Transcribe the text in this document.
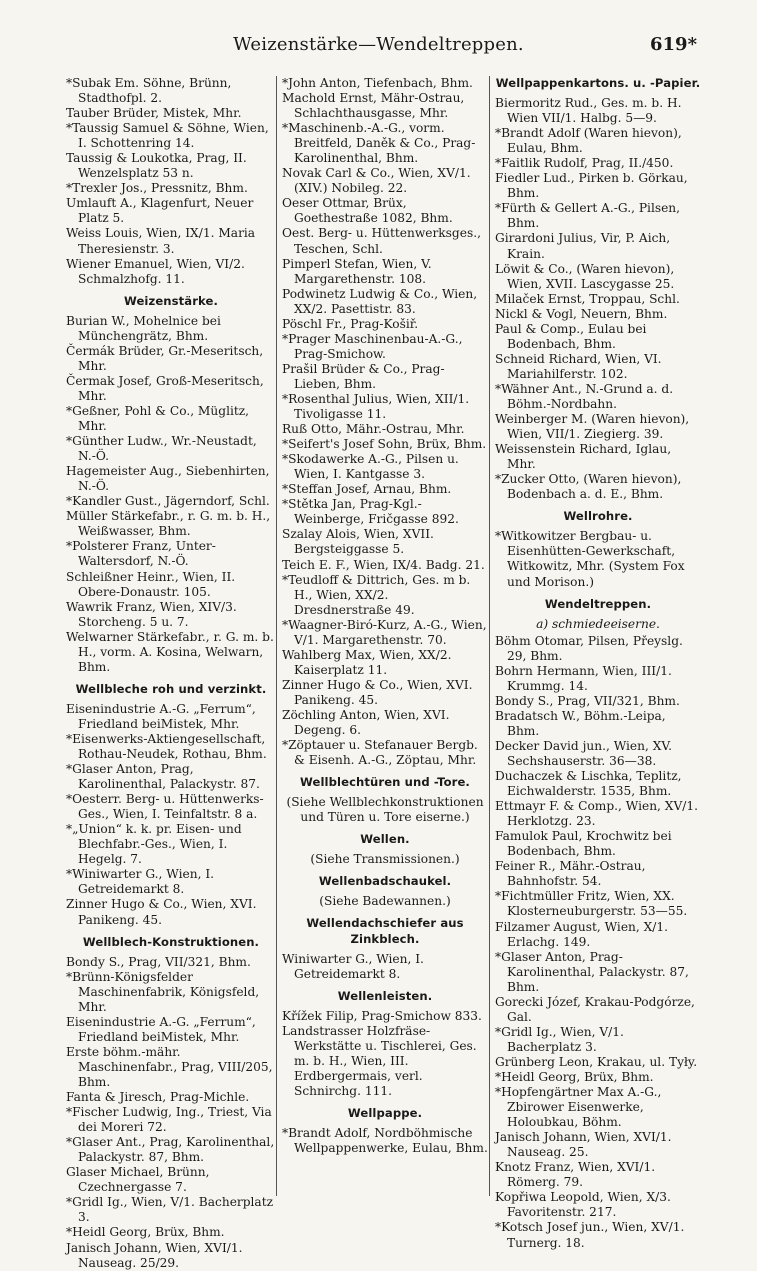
Weizenstärke—Wendeltreppen.	619*
*Subak Em. Söhne, Brünn, Stadthofpl. 2.
Tauber Brüder, Mistek, Mhr.
*Taussig Samuel & Söhne, Wien, I. Schottenring 14.
Taussig & Loukotka, Prag, II. Wenzelsplatz 53 n.
*Trexler Jos., Pressnitz, Bhm.
Umlauft A., Klagenfurt, Neuer Platz 5.
Weiss Louis, Wien, IX/1. Maria Theresienstr. 3.
Wiener Emanuel, Wien, VI/2. Schmalzhofg. 11.
Weizenstärke.
Burian W., Mohelnice bei Münchengrätz, Bhm.
Čermák Brüder, Gr.-Meseritsch, Mhr.
Čermak Josef, Groß-Meseritsch, Mhr.
*Geßner, Pohl & Co., Müglitz, Mhr.
*Günther Ludw., Wr.-Neustadt, N.-Ö.
Hagemeister Aug., Siebenhirten, N.-Ö.
*Kandler Gust., Jägerndorf, Schl.
Müller Stärkefabr., r. G. m. b. H., Weißwasser, Bhm.
*Polsterer Franz, Unter-Waltersdorf, N.-Ö.
Schleißner Heinr., Wien, II. Obere-Donaustr. 105.
Wawrik Franz, Wien, XIV/3. Storcheng. 5 u. 7.
Welwarner Stärkefabr., r. G. m. b. H., vorm. A. Kosina, Welwarn, Bhm.
Wellbleche roh und verzinkt.
Eisenindustrie A.-G. „Ferrum“, Friedland beiMistek, Mhr.
*Eisenwerks-Aktiengesellschaft, Rothau-Neudek, Rothau, Bhm.
*Glaser Anton, Prag, Karolinenthal, Palackystr. 87.
*Oesterr. Berg- u. Hüttenwerks-Ges., Wien, I. Teinfaltstr. 8 a.
*„Union“ k. k. pr. Eisen- und Blechfabr.-Ges., Wien, I. Hegelg. 7.
*Winiwarter G., Wien, I. Getreidemarkt 8.
Zinner Hugo & Co., Wien, XVI. Panikeng. 45.
Wellblech-Konstruktionen.
Bondy S., Prag, VII/321, Bhm.
*Brünn-Königsfelder Maschinenfabrik, Königsfeld, Mhr.
Eisenindustrie A.-G. „Ferrum“, Friedland beiMistek, Mhr.
Erste böhm.-mähr. Maschinenfabr., Prag, VIII/205, Bhm.
Fanta & Jiresch, Prag-Michle.
*Fischer Ludwig, Ing., Triest, Via dei Moreri 72.
*Glaser Ant., Prag, Karolinenthal, Palackystr. 87, Bhm.
Glaser Michael, Brünn, Czechnergasse 7.
*Gridl Ig., Wien, V/1. Bacherplatz 3.
*Heidl Georg, Brüx, Bhm.
Janisch Johann, Wien, XVI/1. Nauseag. 25/29.
*John Anton, Tiefenbach, Bhm.
Machold Ernst, Mähr-Ostrau, Schlachthausgasse, Mhr.
*Maschinenb.-A.-G., vorm. Breitfeld, Daněk & Co., Prag-Karolinenthal, Bhm.
Novak Carl & Co., Wien, XV/1. (XIV.) Nobileg. 22.
Oeser Ottmar, Brüx, Goethestraße 1082, Bhm.
Oest. Berg- u. Hüttenwerksges., Teschen, Schl.
Pimperl Stefan, Wien, V. Margarethenstr. 108.
Podwinetz Ludwig & Co., Wien, XX/2. Pasettistr. 83.
Pöschl Fr., Prag-Košiř.
*Prager Maschinenbau-A.-G., Prag-Smichow.
Prašil Brüder & Co., Prag-Lieben, Bhm.
*Rosenthal Julius, Wien, XII/1. Tivoligasse 11.
Ruß Otto, Mähr.-Ostrau, Mhr.
*Seifert's Josef Sohn, Brüx, Bhm.
*Skodawerke A.-G., Pilsen u. Wien, I. Kantgasse 3.
*Steffan Josef, Arnau, Bhm.
*Stětka Jan, Prag-Kgl.-Weinberge, Fričgasse 892.
Szalay Alois, Wien, XVII. Bergsteiggasse 5.
Teich E. F., Wien, IX/4. Badg. 21.
*Teudloff & Dittrich, Ges. m b. H., Wien, XX/2. Dresdnerstraße 49.
*Waagner-Biró-Kurz, A.-G., Wien, V/1. Margarethenstr. 70.
Wahlberg Max, Wien, XX/2. Kaiserplatz 11.
Zinner Hugo & Co., Wien, XVI. Panikeng. 45.
Zöchling Anton, Wien, XVI. Degeng. 6.
*Zöptauer u. Stefanauer Bergb. & Eisenh. A.-G., Zöptau, Mhr.
Wellblechtüren und -Tore.
(Siehe Wellblechkonstruktionen und Türen u. Tore eiserne.)
Wellen.
(Siehe Transmissionen.)
Wellenbadschaukel.
(Siehe Badewannen.)
Wellendachschiefer aus Zinkblech.
Winiwarter G., Wien, I. Getreidemarkt 8.
Wellenleisten.
Křížek Filip, Prag-Smichow 833.
Landstrasser Holzfräse-Werkstätte u. Tischlerei, Ges. m. b. H., Wien, III. Erdbergermais, verl. Schnirchg. 111.
Wellpappe.
*Brandt Adolf, Nordböhmische Wellpappenwerke, Eulau, Bhm.
Wellpappenkartons. u. -Papier.
Biermoritz Rud., Ges. m. b. H. Wien VII/1. Halbg. 5—9.
*Brandt Adolf (Waren hievon), Eulau, Bhm.
*Faitlik Rudolf, Prag, II./450.
Fiedler Lud., Pirken b. Görkau, Bhm.
*Fürth & Gellert A.-G., Pilsen, Bhm.
Girardoni Julius, Vir, P. Aich, Krain.
Löwit & Co., (Waren hievon), Wien, XVII. Lascygasse 25.
Milaček Ernst, Troppau, Schl.
Nickl & Vogl, Neuern, Bhm.
Paul & Comp., Eulau bei Bodenbach, Bhm.
Schneid Richard, Wien, VI. Mariahilferstr. 102.
*Wähner Ant., N.-Grund a. d. Böhm.-Nordbahn.
Weinberger M. (Waren hievon), Wien, VII/1. Ziegierg. 39.
Weissenstein Richard, Iglau, Mhr.
*Zucker Otto, (Waren hievon), Bodenbach a. d. E., Bhm.
Wellrohre.
*Witkowitzer Bergbau- u. Eisenhütten-Gewerkschaft, Witkowitz, Mhr. (System Fox und Morison.)
Wendeltreppen.
a) schmiedeeiserne.
Böhm Otomar, Pilsen, Přeyslg. 29, Bhm.
Bohrn Hermann, Wien, III/1. Krummg. 14.
Bondy S., Prag, VII/321, Bhm.
Bradatsch W., Böhm.-Leipa, Bhm.
Decker David jun., Wien, XV. Sechshauserstr. 36—38.
Duchaczek & Lischka, Teplitz, Eichwalderstr. 1535, Bhm.
Ettmayr F. & Comp., Wien, XV/1. Herklotzg. 23.
Famulok Paul, Krochwitz bei Bodenbach, Bhm.
Feiner R., Mähr.-Ostrau, Bahnhofstr. 54.
*Fichtmüller Fritz, Wien, XX. Klosterneuburgerstr. 53—55.
Filzamer August, Wien, X/1. Erlachg. 149.
*Glaser Anton, Prag-Karolinenthal, Palackystr. 87, Bhm.
Gorecki Józef, Krakau-Podgórze, Gal.
*Gridl Ig., Wien, V/1. Bacherplatz 3.
Grünberg Leon, Krakau, ul. Tyły.
*Heidl Georg, Brüx, Bhm.
*Hopfengärtner Max A.-G., Zbirower Eisenwerke, Holoubkau, Böhm.
Janisch Johann, Wien, XVI/1. Nauseag. 25.
Knotz Franz, Wien, XVI/1. Römerg. 79.
Kopřiwa Leopold, Wien, X/3. Favoritenstr. 217.
*Kotsch Josef jun., Wien, XV/1. Turnerg. 18.
